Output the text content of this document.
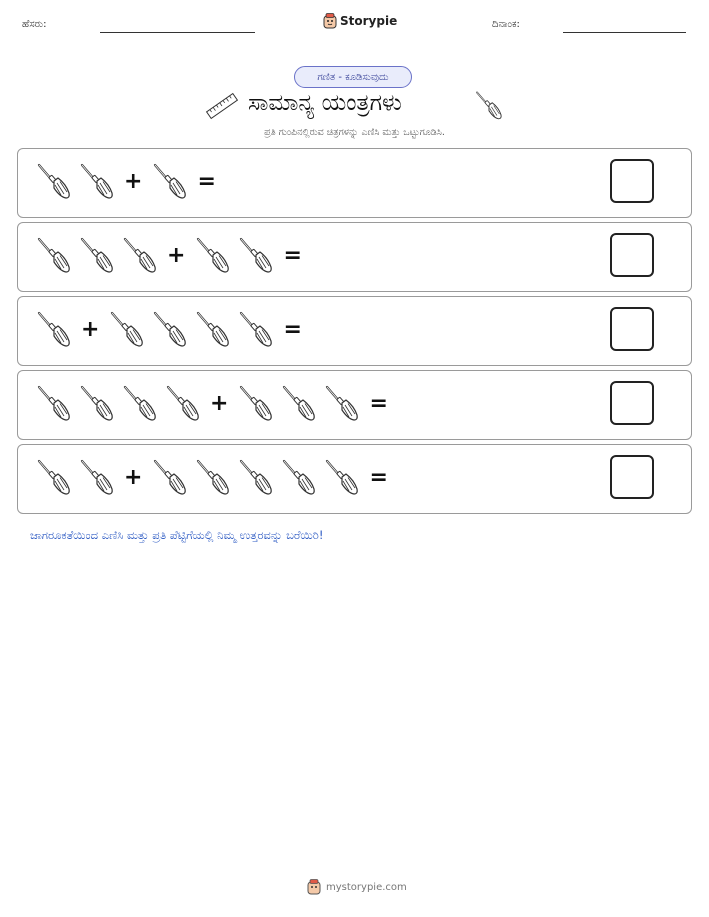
ಹೆಸರು:	Storypie	ದಿನಾಂಕ:
ಗಣಿತ - ಕೂಡಿಸುವುದು
ಸಾಮಾನ್ಯ ಯಂತ್ರಗಳು
ಪ್ರತಿ ಗುಂಪಿನಲ್ಲಿರುವ ಚಿತ್ರಗಳನ್ನು ಎಣಿಸಿ ಮತ್ತು ಒಟ್ಟುಗೂಡಿಸಿ.
+	=
+	=
+	=
+	=
+	=
ಜಾಗರೂಕತೆಯಿಂದ ಎಣಿಸಿ ಮತ್ತು ಪ್ರತಿ ಪೆಟ್ಟಿಗೆಯಲ್ಲಿ ನಿಮ್ಮ ಉತ್ತರವನ್ನು ಬರೆಯಿರಿ!
mystorypie.com
